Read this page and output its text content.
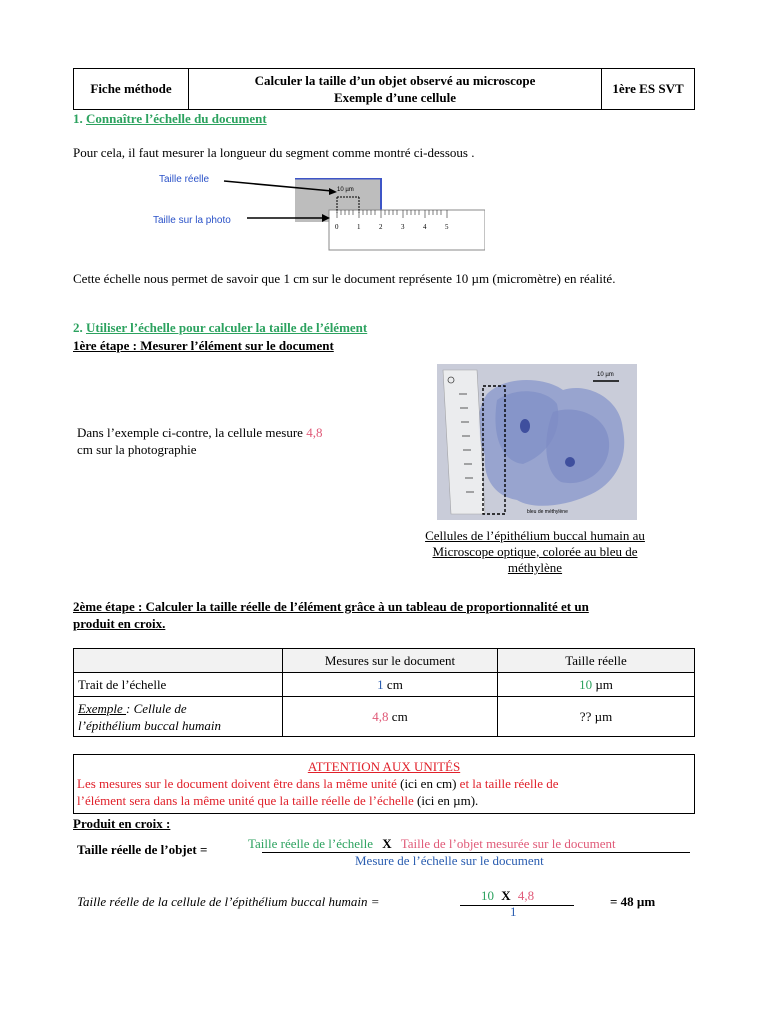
Fiche méthode	
Calculer la taille d’un objet observé au microscope
Exemple d’une cellule
	1ère ES SVT
1. Connaître l’échelle du document
Pour cela, il faut mesurer la longueur du segment comme montré ci-dessous .
Taille réelle
Taille sur la photo
10 µm
0	1	2	3	4	5
Cette échelle nous permet de savoir que 1 cm sur le document représente 10 µm (micromètre) en réalité.
2. Utiliser l’échelle pour calculer la taille de l’élément
1ère étape : Mesurer l’élément sur le document
Dans l’exemple ci-contre, la cellule mesure 4,8
cm sur la photographie
10 µm
bleu de méthylène
Cellules de l’épithélium buccal humain au
Microscope optique, colorée au bleu de
méthylène
2ème étape : Calculer la taille réelle de l’élément grâce à un tableau de proportionnalité et un
produit en croix.
	Mesures sur le document	Taille réelle
Trait de l’échelle	1 cm	10 µm
Exemple : Cellule de
l’épithélium buccal humain	4,8 cm	?? µm
ATTENTION AUX UNITÉS
Les mesures sur le document doivent être dans la même unité (ici en cm) et la taille réelle de
l’élément sera dans la même unité que la taille réelle de l’échelle (ici en µm).
Produit en croix :
Taille réelle de l’objet =	Taille réelle de l’échelle X Taille de l’objet mesurée sur le document
Mesure de l’échelle sur le document
Taille réelle de la cellule de l’épithélium buccal humain =	10 X 4,8
1
= 48 µm
